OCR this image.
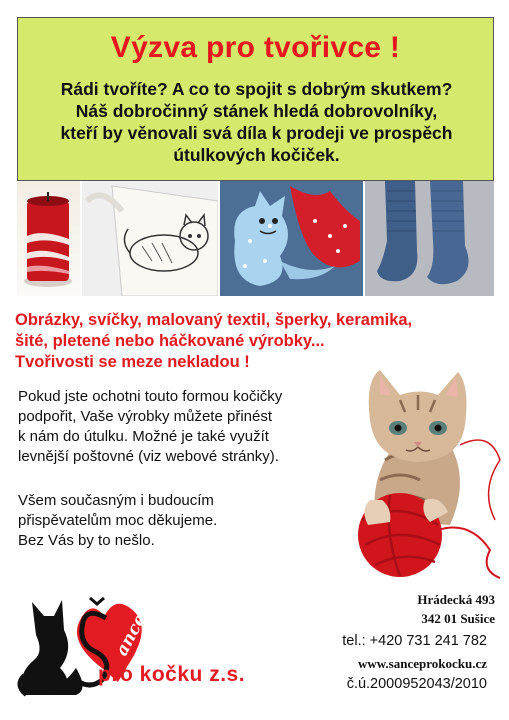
Výzva pro tvořivce !
Rádi tvoříte? A co to spojit s dobrým skutkem?
Náš dobročinný stánek hledá dobrovolníky,
kteří by věnovali svá díla k prodeji ve prospěch
útulkových kočiček.
Obrázky, svíčky, malovaný textil, šperky, keramika,
šité, pletené nebo háčkované výrobky...
Tvořivosti se meze nekladou !
Pokud jste ochotni touto formou kočičky
podpořit, Vaše výrobky můžete přinést
k nám do útulku. Možné je také využít
levnější poštovné (viz webové stránky).
Všem současným i budoucím
přispěvatelům moc děkujeme.
Bez Vás by to nešlo.
ance
pro kočku z.s.
Hrádecká 493
342 01 Sušice
tel.: +420 731 241 782
www.sanceprokocku.cz
č.ú.2000952043/2010
